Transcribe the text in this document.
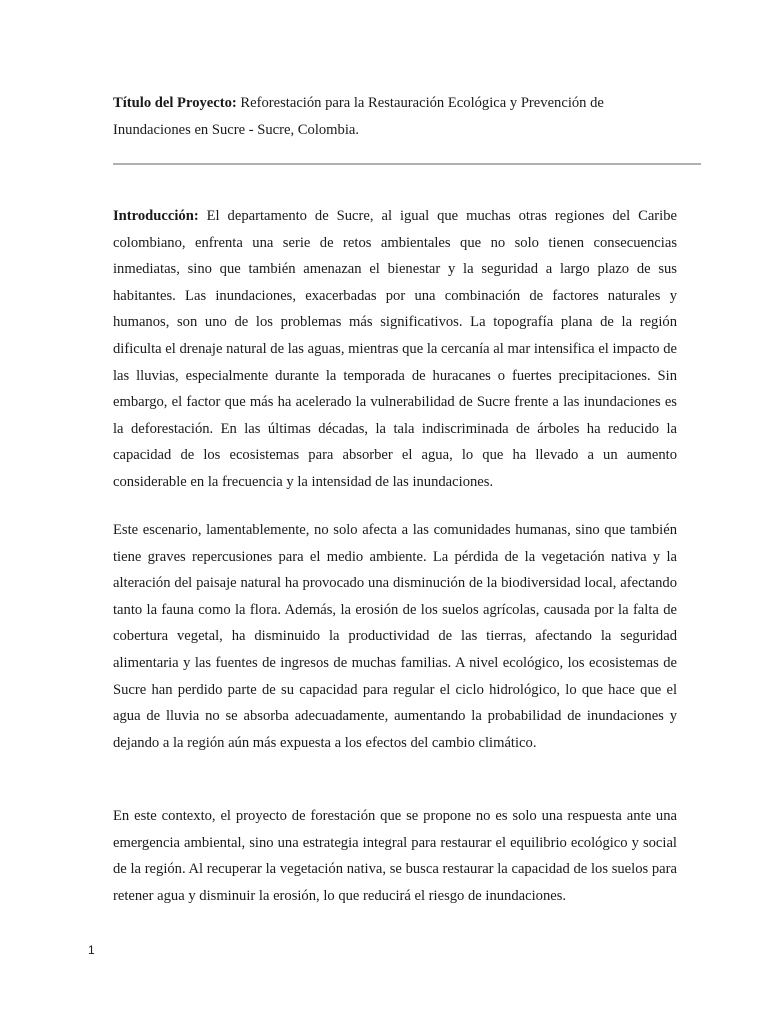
Título del Proyecto: Reforestación para la Restauración Ecológica y Prevención de Inundaciones en Sucre - Sucre, Colombia.

Introducción: El departamento de Sucre, al igual que muchas otras regiones del Caribe colombiano, enfrenta una serie de retos ambientales que no solo tienen consecuencias inmediatas, sino que también amenazan el bienestar y la seguridad a largo plazo de sus habitantes. Las inundaciones, exacerbadas por una combinación de factores naturales y humanos, son uno de los problemas más significativos. La topografía plana de la región dificulta el drenaje natural de las aguas, mientras que la cercanía al mar intensifica el impacto de las lluvias, especialmente durante la temporada de huracanes o fuertes precipitaciones. Sin embargo, el factor que más ha acelerado la vulnerabilidad de Sucre frente a las inundaciones es la deforestación. En las últimas décadas, la tala indiscriminada de árboles ha reducido la capacidad de los ecosistemas para absorber el agua, lo que ha llevado a un aumento considerable en la frecuencia y la intensidad de las inundaciones.

Este escenario, lamentablemente, no solo afecta a las comunidades humanas, sino que también tiene graves repercusiones para el medio ambiente. La pérdida de la vegetación nativa y la alteración del paisaje natural ha provocado una disminución de la biodiversidad local, afectando tanto la fauna como la flora. Además, la erosión de los suelos agrícolas, causada por la falta de cobertura vegetal, ha disminuido la productividad de las tierras, afectando la seguridad alimentaria y las fuentes de ingresos de muchas familias. A nivel ecológico, los ecosistemas de Sucre han perdido parte de su capacidad para regular el ciclo hidrológico, lo que hace que el agua de lluvia no se absorba adecuadamente, aumentando la probabilidad de inundaciones y dejando a la región aún más expuesta a los efectos del cambio climático.

En este contexto, el proyecto de forestación que se propone no es solo una respuesta ante una emergencia ambiental, sino una estrategia integral para restaurar el equilibrio ecológico y social de la región. Al recuperar la vegetación nativa, se busca restaurar la capacidad de los suelos para retener agua y disminuir la erosión, lo que reducirá el riesgo de inundaciones.

1
